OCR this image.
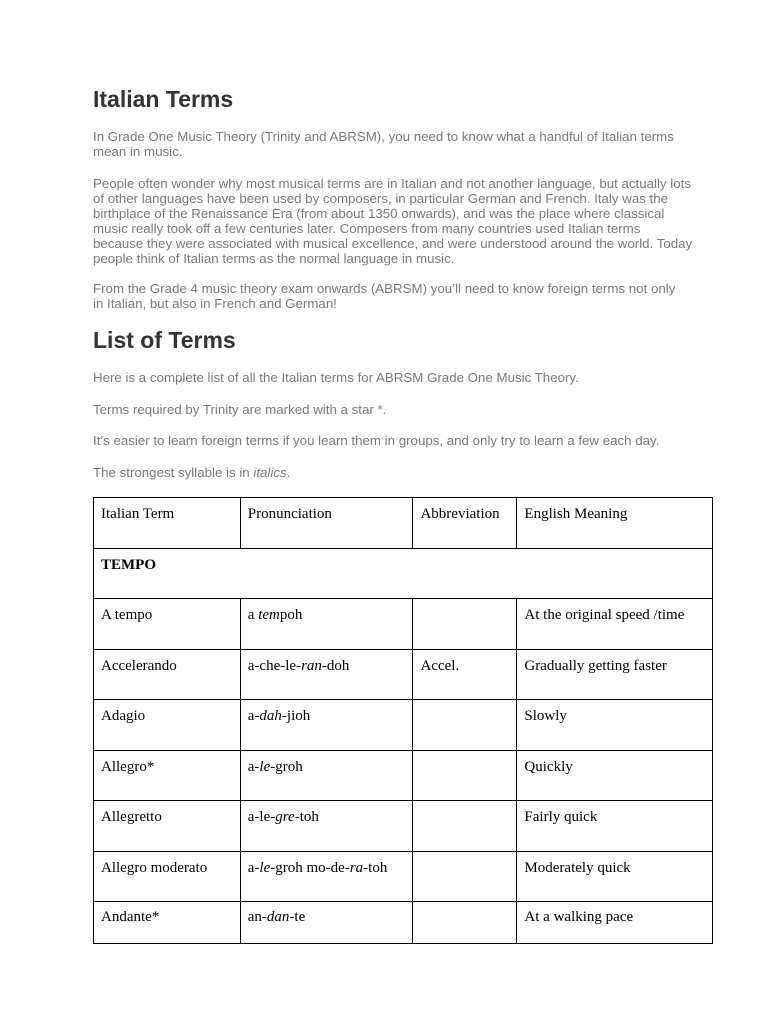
Italian Terms

In Grade One Music Theory (Trinity and ABRSM), you need to know what a handful of Italian terms mean in music.

People often wonder why most musical terms are in Italian and not another language, but actually lots of other languages have been used by composers, in particular German and French. Italy was the birthplace of the Renaissance Era (from about 1350 onwards), and was the place where classical music really took off a few centuries later. Composers from many countries used Italian terms because they were associated with musical excellence, and were understood around the world. Today people think of Italian terms as the normal language in music.

From the Grade 4 music theory exam onwards (ABRSM) you’ll need to know foreign terms not only in Italian, but also in French and German!

List of Terms

Here is a complete list of all the Italian terms for ABRSM Grade One Music Theory.

Terms required by Trinity are marked with a star *.

It’s easier to learn foreign terms if you learn them in groups, and only try to learn a few each day.

The strongest syllable is in italics.

Italian Term	Pronunciation	Abbreviation	English Meaning
TEMPO			
A tempo	a tempoh		At the original speed /time
Accelerando	a-che-le-ran-doh	Accel.	Gradually getting faster
Adagio	a-dah-jioh		Slowly
Allegro*	a-le-groh		Quickly
Allegretto	a-le-gre-toh		Fairly quick
Allegro moderato	a-le-groh mo-de-ra-toh		Moderately quick
Andante*	an-dan-te		At a walking pace
